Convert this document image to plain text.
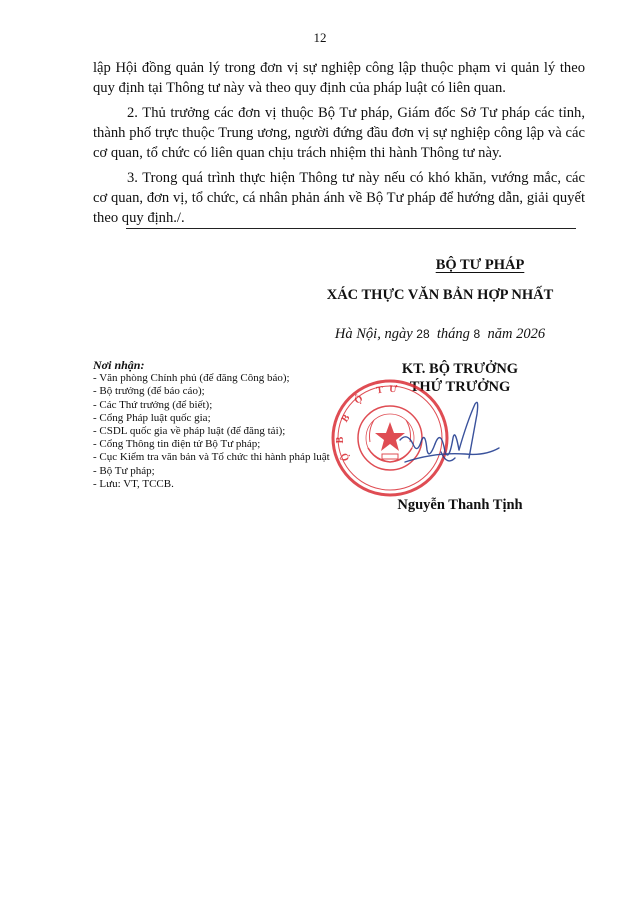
12

lập Hội đồng quản lý trong đơn vị sự nghiệp công lập thuộc phạm vi quản lý theo quy định tại Thông tư này và theo quy định của pháp luật có liên quan.

2. Thủ trưởng các đơn vị thuộc Bộ Tư pháp, Giám đốc Sở Tư pháp các tỉnh, thành phố trực thuộc Trung ương, người đứng đầu đơn vị sự nghiệp công lập và các cơ quan, tổ chức có liên quan chịu trách nhiệm thi hành Thông tư này.

3. Trong quá trình thực hiện Thông tư này nếu có khó khăn, vướng mắc, các cơ quan, đơn vị, tổ chức, cá nhân phản ánh về Bộ Tư pháp để hướng dẫn, giải quyết theo quy định./.

BỘ TƯ PHÁP
XÁC THỰC VĂN BẢN HỢP NHẤT
Hà Nội, ngày 28 tháng 8 năm 2026
Nơi nhận:
- Văn phòng Chính phủ (để đăng Công báo);
- Bộ trưởng (để báo cáo);
- Các Thứ trưởng (để biết);
- Cổng Pháp luật quốc gia;
- CSDL quốc gia về pháp luật (để đăng tải);
- Cổng Thông tin điện tử Bộ Tư pháp;
- Cục Kiểm tra văn bản và Tổ chức thi hành pháp luật - Bộ Tư pháp;
- Lưu: VT, TCCB.
KT. BỘ TRƯỞNG
THỨ TRƯỞNG
B
Ộ
T Ư
Ộ
B
Nguyễn Thanh Tịnh
